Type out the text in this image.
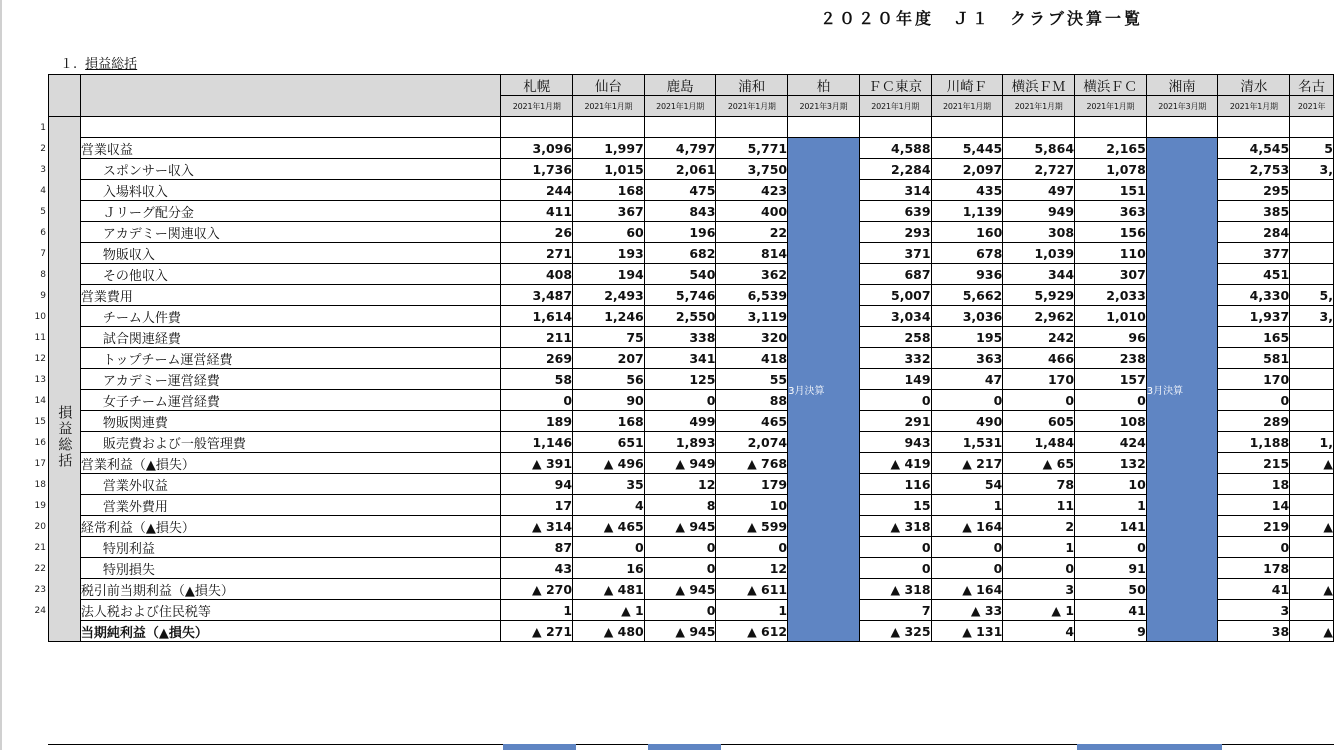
２０２０年度　Ｊ１　クラブ決算一覧
１. 損益総括
		札幌	仙台	鹿島	浦和	柏	ＦＣ東京	川崎Ｆ	横浜ＦＭ	横浜ＦＣ	湘南	清水	名古
		2021年1月期	2021年1月期	2021年1月期	2021年1月期	2021年3月期	2021年1月期	2021年1月期	2021年1月期	2021年1月期	2021年3月期	2021年1月期	2021年
損益総括													
	営業収益	3,096	1,997	4,797	5,771	3月決算	4,588	5,445	5,864	2,165	3月決算	4,545	5
	スポンサー収入	1,736	1,015	2,061	3,750		2,284	2,097	2,727	1,078		2,753	3,
	入場料収入	244	168	475	423		314	435	497	151		295	
	Ｊリーグ配分金	411	367	843	400		639	1,139	949	363		385	
	アカデミー関連収入	26	60	196	22		293	160	308	156		284	
	物販収入	271	193	682	814		371	678	1,039	110		377	
	その他収入	408	194	540	362		687	936	344	307		451	
	営業費用	3,487	2,493	5,746	6,539		5,007	5,662	5,929	2,033		4,330	5,
	チーム人件費	1,614	1,246	2,550	3,119		3,034	3,036	2,962	1,010		1,937	3,
	試合関連経費	211	75	338	320		258	195	242	96		165	
	トップチーム運営経費	269	207	341	418		332	363	466	238		581	
	アカデミー運営経費	58	56	125	55		149	47	170	157		170	
	女子チーム運営経費	0	90	0	88		0	0	0	0		0	
	物販関連費	189	168	499	465		291	490	605	108		289	
	販売費および一般管理費	1,146	651	1,893	2,074		943	1,531	1,484	424		1,188	1,
	営業利益（▲損失）	▲ 391	▲ 496	▲ 949	▲ 768		▲ 419	▲ 217	▲ 65	132		215	▲
	営業外収益	94	35	12	179		116	54	78	10		18	
	営業外費用	17	4	8	10		15	1	11	1		14	
	経常利益（▲損失）	▲ 314	▲ 465	▲ 945	▲ 599		▲ 318	▲ 164	2	141		219	▲
	特別利益	87	0	0	0		0	0	1	0		0	
	特別損失	43	16	0	12		0	0	0	91		178	
	税引前当期利益（▲損失）	▲ 270	▲ 481	▲ 945	▲ 611		▲ 318	▲ 164	3	50		41	▲
	法人税および住民税等	1	▲ 1	0	1		7	▲ 33	▲ 1	41		3	
	当期純利益（▲損失）	▲ 271	▲ 480	▲ 945	▲ 612		▲ 325	▲ 131	4	9		38	▲
1
2
3
4
5
6
7
8
9
10
11
12
13
14
15
16
17
18
19
20
21
22
23
24
